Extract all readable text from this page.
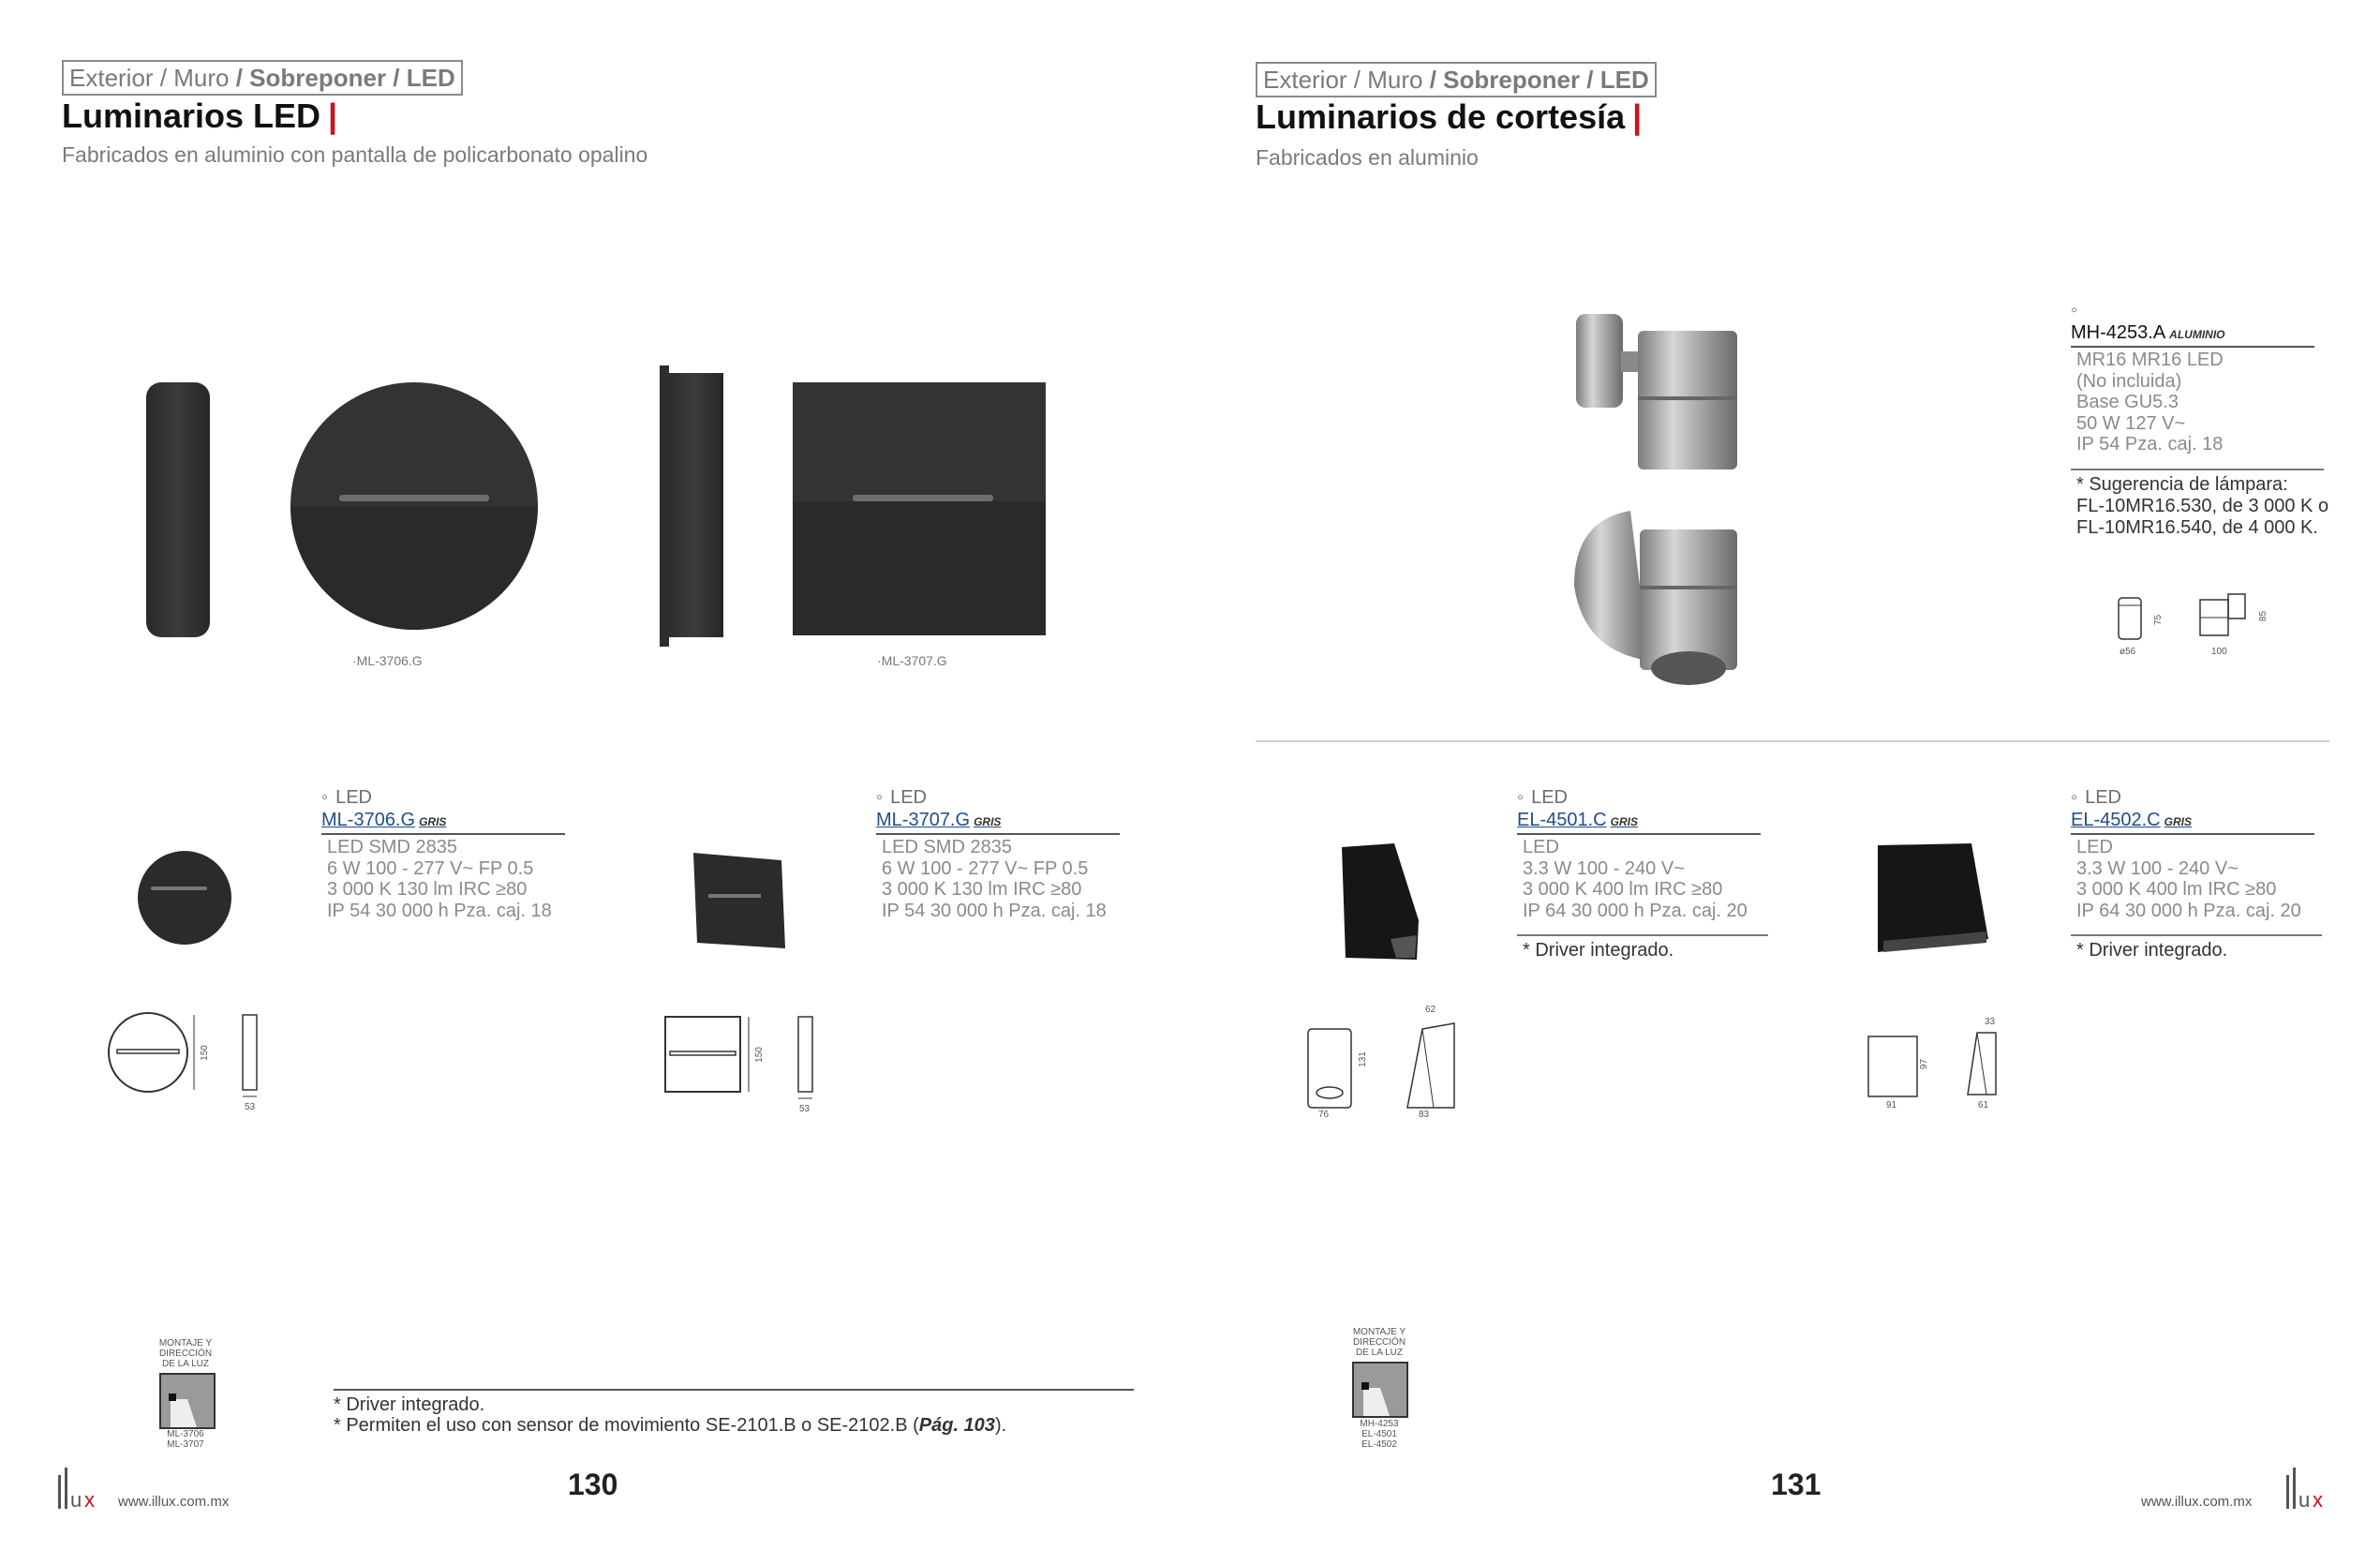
Exterior / Muro / Sobreponer / LED
Luminarios LED |
Fabricados en aluminio con pantalla de policarbonato opalino
·ML-3706.G	·ML-3707.G
◦ LED
ML-3706.G GRIS
LED SMD 2835
6 W 100 - 277 V~ FP 0.5
3 000 K 130 lm IRC ≥80
IP 54 30 000 h Pza. caj. 18
150
53
◦ LED
ML-3707.G GRIS
LED SMD 2835
6 W 100 - 277 V~ FP 0.5
3 000 K 130 lm IRC ≥80
IP 54 30 000 h Pza. caj. 18
150
53
MONTAJE Y
DIRECCIÓN
DE LA LUZ
ML-3706
ML-3707
* Driver integrado.
* Permiten el uso con sensor de movimiento SE-2101.B o SE-2102.B (Pág. 103).
u x www.illux.com.mx
130
Exterior / Muro / Sobreponer / LED
Luminarios de cortesía |
Fabricados en aluminio
◦
MH-4253.A ALUMINIO
MR16 MR16 LED
(No incluida)
Base GU5.3
50 W 127 V~
IP 54 Pza. caj. 18
* Sugerencia de lámpara:
FL-10MR16.530, de 3 000 K o
FL-10MR16.540, de 4 000 K.
75
ø56
85
100
◦ LED
EL-4501.C GRIS
LED
3.3 W 100 - 240 V~
3 000 K 400 lm IRC ≥80
IP 64 30 000 h Pza. caj. 20
* Driver integrado.
131
76
62
83
◦ LED
EL-4502.C GRIS
LED
3.3 W 100 - 240 V~
3 000 K 400 lm IRC ≥80
IP 64 30 000 h Pza. caj. 20
* Driver integrado.
97
91
33
61
MONTAJE Y
DIRECCIÓN
DE LA LUZ
MH-4253
EL-4501
EL-4502
131
www.illux.com.mx u x
